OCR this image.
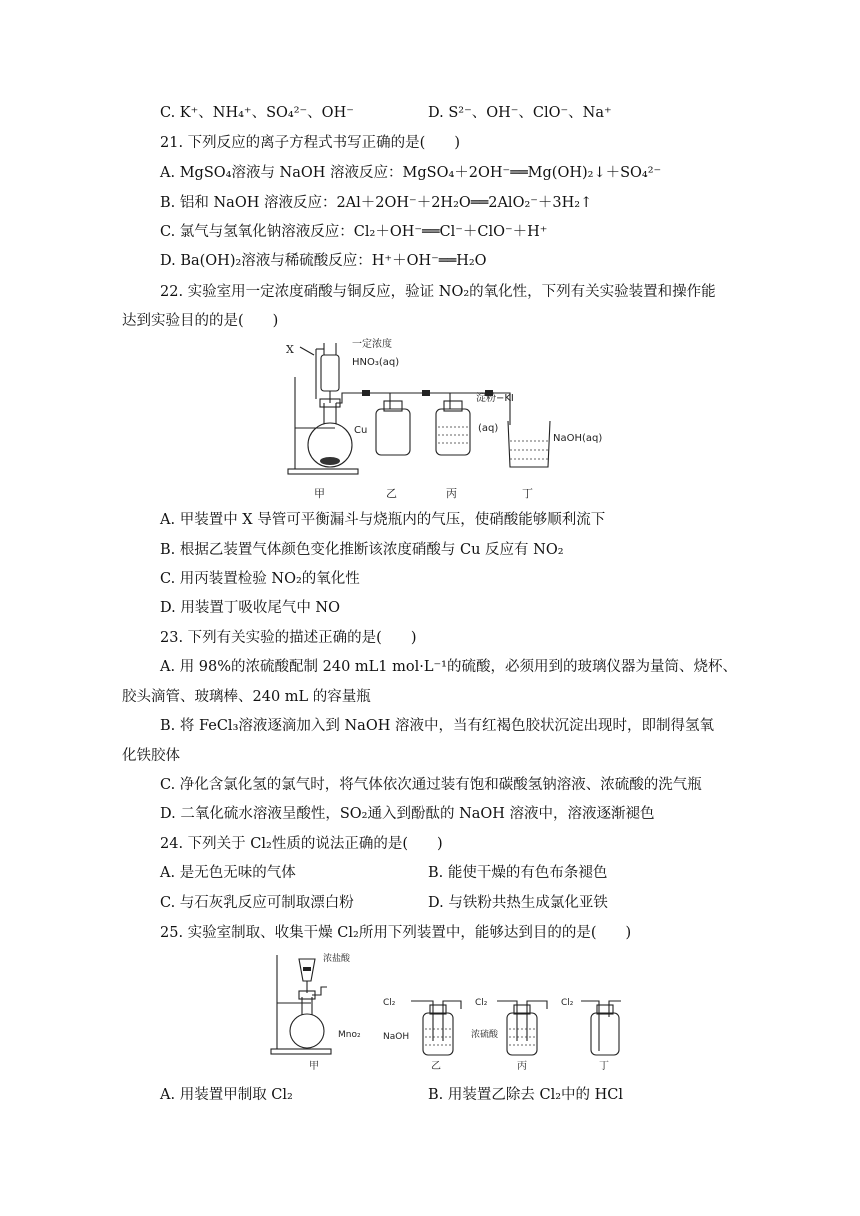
C. K⁺、NH₄⁺、SO₄²⁻、OH⁻	D. S²⁻、OH⁻、ClO⁻、Na⁺
21. 下列反应的离子方程式书写正确的是(　　)
A. MgSO₄溶液与 NaOH 溶液反应：MgSO₄＋2OH⁻══Mg(OH)₂↓＋SO₄²⁻
B. 铝和 NaOH 溶液反应：2Al＋2OH⁻＋2H₂O══2AlO₂⁻＋3H₂↑
C. 氯气与氢氧化钠溶液反应：Cl₂＋OH⁻══Cl⁻＋ClO⁻＋H⁺
D. Ba(OH)₂溶液与稀硫酸反应：H⁺＋OH⁻══H₂O
22. 实验室用一定浓度硝酸与铜反应，验证 NO₂的氧化性，下列有关实验装置和操作能
达到实验目的的是(　　)
X	一定浓度
HNO₃(aq)
Cu
淀粉−KI
(aq)
NaOH(aq)
甲	乙	丙	丁
A. 甲装置中 X 导管可平衡漏斗与烧瓶内的气压，使硝酸能够顺利流下
B. 根据乙装置气体颜色变化推断该浓度硝酸与 Cu 反应有 NO₂
C. 用丙装置检验 NO₂的氧化性
D. 用装置丁吸收尾气中 NO
23. 下列有关实验的描述正确的是(　　)
A. 用 98%的浓硫酸配制 240 mL1 mol·L⁻¹的硫酸，必须用到的玻璃仪器为量筒、烧杯、
胶头滴管、玻璃棒、240 mL 的容量瓶
B. 将 FeCl₃溶液逐滴加入到 NaOH 溶液中，当有红褐色胶状沉淀出现时，即制得氢氧
化铁胶体
C. 净化含氯化氢的氯气时，将气体依次通过装有饱和碳酸氢钠溶液、浓硫酸的洗气瓶
D. 二氧化硫水溶液呈酸性，SO₂通入到酚酞的 NaOH 溶液中，溶液逐渐褪色
24. 下列关于 Cl₂性质的说法正确的是(　　)
A. 是无色无味的气体	B. 能使干燥的有色布条褪色
C. 与石灰乳反应可制取漂白粉	D. 与铁粉共热生成氯化亚铁
25. 实验室制取、收集干燥 Cl₂所用下列装置中，能够达到目的的是(　　)
浓盐酸
Mno₂
Cl₂	Cl₂	Cl₂
NaOH	浓硫酸
甲	乙	丙	丁
A. 用装置甲制取 Cl₂	B. 用装置乙除去 Cl₂中的 HCl
